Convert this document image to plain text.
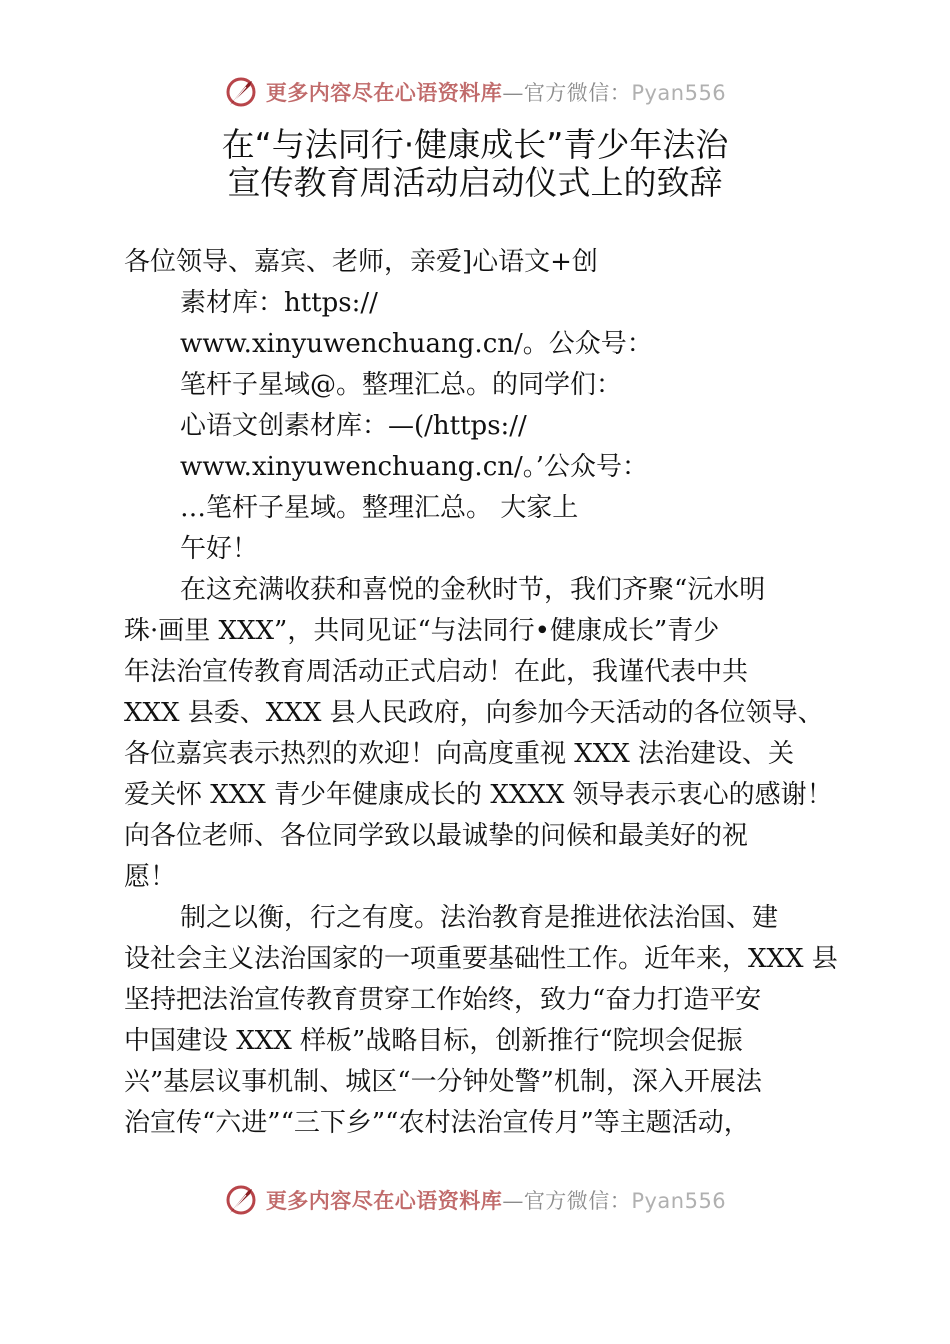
更多内容尽在心语资料库—官方微信：Pyan556
在“与法同行·健康成长”青少年法治
宣传教育周活动启动仪式上的致辞
各位领导、嘉宾、老师，亲爱]心语文+创
素材库：https://
www.xinyuwenchuang.cn/。公众号：
笔杆子星域@。整理汇总。的同学们：
心语文创素材库：—(/https://
www.xinyuwenchuang.cn/。’公众号：
…笔杆子星域。整理汇总。 大家上
午好！
在这充满收获和喜悦的金秋时节，我们齐聚“沅水明
珠·画里 XXX”，共同见证“与法同行•健康成长”青少
年法治宣传教育周活动正式启动！在此，我谨代表中共
XXX 县委、XXX 县人民政府，向参加今天活动的各位领导、
各位嘉宾表示热烈的欢迎！向高度重视 XXX 法治建设、关
爱关怀 XXX 青少年健康成长的 XXXX 领导表示衷心的感谢！
向各位老师、各位同学致以最诚挚的问候和最美好的祝
愿！
制之以衡，行之有度。法治教育是推进依法治国、建
设社会主义法治国家的一项重要基础性工作。近年来，XXX 县
坚持把法治宣传教育贯穿工作始终，致力“奋力打造平安
中国建设 XXX 样板”战略目标，创新推行“院坝会促振
兴”基层议事机制、城区“一分钟处警”机制，深入开展法
治宣传“六进”“三下乡”“农村法治宣传月”等主题活动，
更多内容尽在心语资料库—官方微信：Pyan556
